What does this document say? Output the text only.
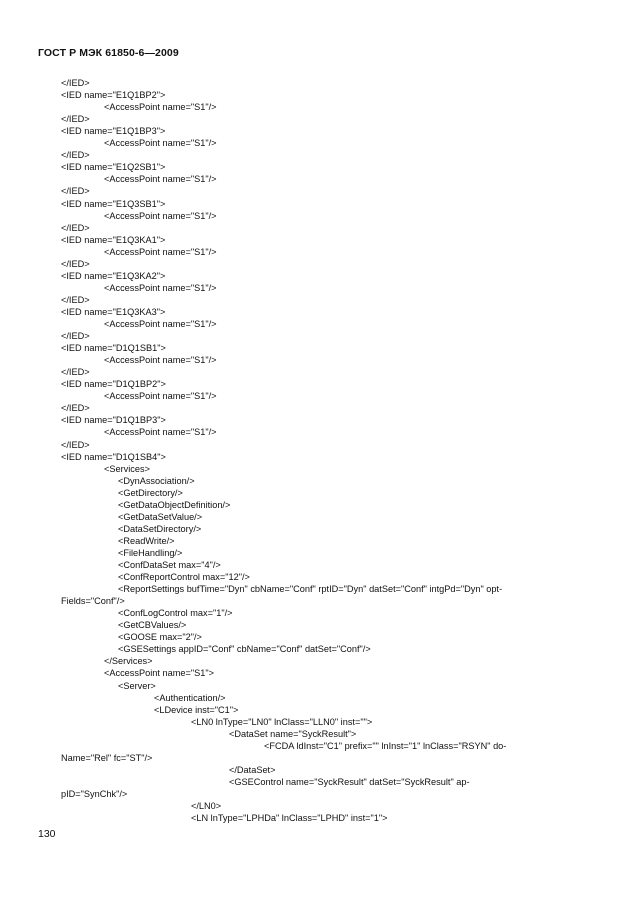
ГОСТ Р МЭК 61850-6—2009
</IED>
<IED name="E1Q1BP2">
<AccessPoint name="S1"/>
</IED>
<IED name="E1Q1BP3">
<AccessPoint name="S1"/>
</IED>
<IED name="E1Q2SB1">
<AccessPoint name="S1"/>
</IED>
<IED name="E1Q3SB1">
<AccessPoint name="S1"/>
</IED>
<IED name="E1Q3KA1">
<AccessPoint name="S1"/>
</IED>
<IED name="E1Q3KA2">
<AccessPoint name="S1"/>
</IED>
<IED name="E1Q3KA3">
<AccessPoint name="S1"/>
</IED>
<IED name="D1Q1SB1">
<AccessPoint name="S1"/>
</IED>
<IED name="D1Q1BP2">
<AccessPoint name="S1"/>
</IED>
<IED name="D1Q1BP3">
<AccessPoint name="S1"/>
</IED>
<IED name="D1Q1SB4">
<Services>
<DynAssociation/>
<GetDirectory/>
<GetDataObjectDefinition/>
<GetDataSetValue/>
<DataSetDirectory/>
<ReadWrite/>
<FileHandling/>
<ConfDataSet max="4"/>
<ConfReportControl max="12"/>
<ReportSettings bufTime="Dyn" cbName="Conf" rptID="Dyn" datSet="Conf" intgPd="Dyn" opt-
Fields="Conf"/>
<ConfLogControl max="1"/>
<GetCBValues/>
<GOOSE max="2"/>
<GSESettings appID="Conf" cbName="Conf" datSet="Conf"/>
</Services>
<AccessPoint name="S1">
<Server>
<Authentication/>
<LDevice inst="C1">
<LN0 lnType="LN0" lnClass="LLN0" inst="">
<DataSet name="SyckResult">
<FCDA ldInst="C1" prefix="" lnInst="1" lnClass="RSYN" do-
Name="Rel" fc="ST"/>
</DataSet>
<GSEControl name="SyckResult" datSet="SyckResult" ap-
pID="SynChk"/>
</LN0>
<LN lnType="LPHDa" lnClass="LPHD" inst="1">
130
